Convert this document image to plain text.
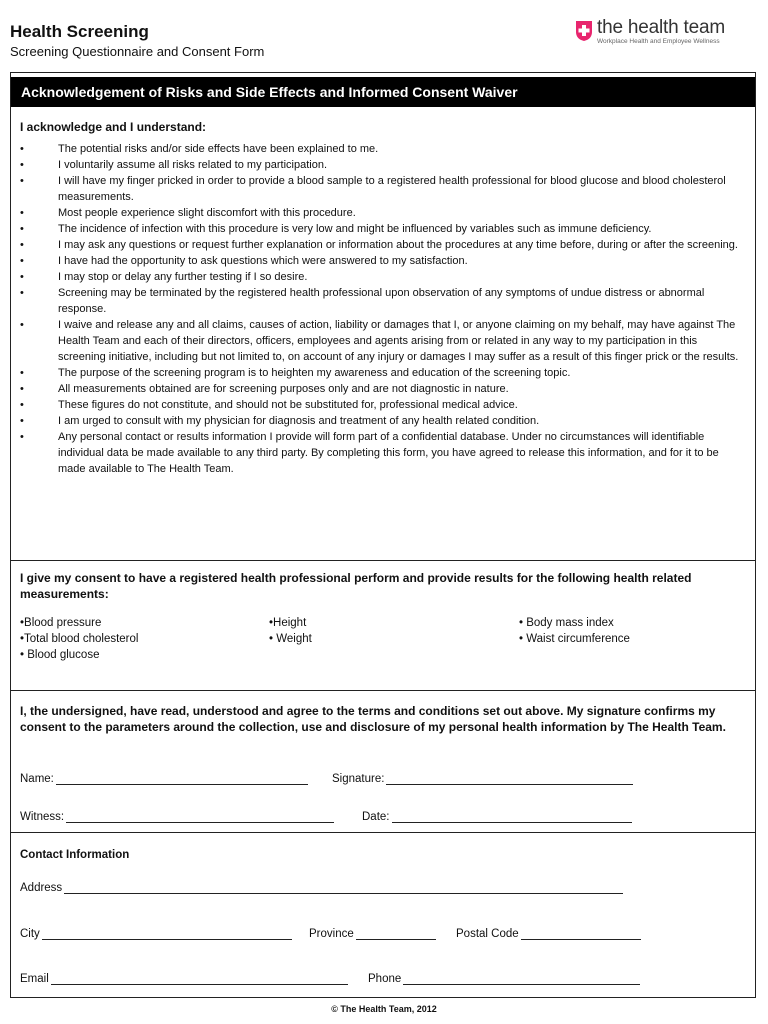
Health Screening
Screening Questionnaire and Consent Form
the health team
Workplace Health and Employee Wellness
Acknowledgement of Risks and Side Effects and Informed Consent Waiver
I acknowledge and I understand:
• The potential risks and/or side effects have been explained to me.
• I voluntarily assume all risks related to my participation.
• I will have my finger pricked in order to provide a blood sample to a registered health professional for blood glucose and blood cholesterol measurements.
• Most people experience slight discomfort with this procedure.
• The incidence of infection with this procedure is very low and might be influenced by variables such as immune deficiency.
• I may ask any questions or request further explanation or information about the procedures at any time before, during or after the screening.
• I have had the opportunity to ask questions which were answered to my satisfaction.
• I may stop or delay any further testing if I so desire.
• Screening may be terminated by the registered health professional upon observation of any symptoms of undue distress or abnormal response.
• I waive and release any and all claims, causes of action, liability or damages that I, or anyone claiming on my behalf, may have against The Health Team and each of their directors, officers, employees and agents arising from or related in any way to my participation in this screening initiative, including but not limited to, on account of any injury or damages I may suffer as a result of this finger prick or the results.
• The purpose of the screening program is to heighten my awareness and education of the screening topic.
• All measurements obtained are for screening purposes only and are not diagnostic in nature.
• These figures do not constitute, and should not be substituted for, professional medical advice.
• I am urged to consult with my physician for diagnosis and treatment of any health related condition.
• Any personal contact or results information I provide will form part of a confidential database. Under no circumstances will identifiable individual data be made available to any third party. By completing this form, you have agreed to release this information, and for it to be made available to The Health Team.
I give my consent to have a registered health professional perform and provide results for the following health related measurements:
•Blood pressure
•Total blood cholesterol
• Blood glucose
•Height
• Weight
• Body mass index
• Waist circumference
I, the undersigned, have read, understood and agree to the terms and conditions set out above. My signature confirms my consent to the parameters around the collection, use and disclosure of my personal health information by The Health Team.
Name:	Signature:
Witness:	Date:
Contact Information
Address
City	Province	Postal Code
Email	Phone
© The Health Team, 2012
